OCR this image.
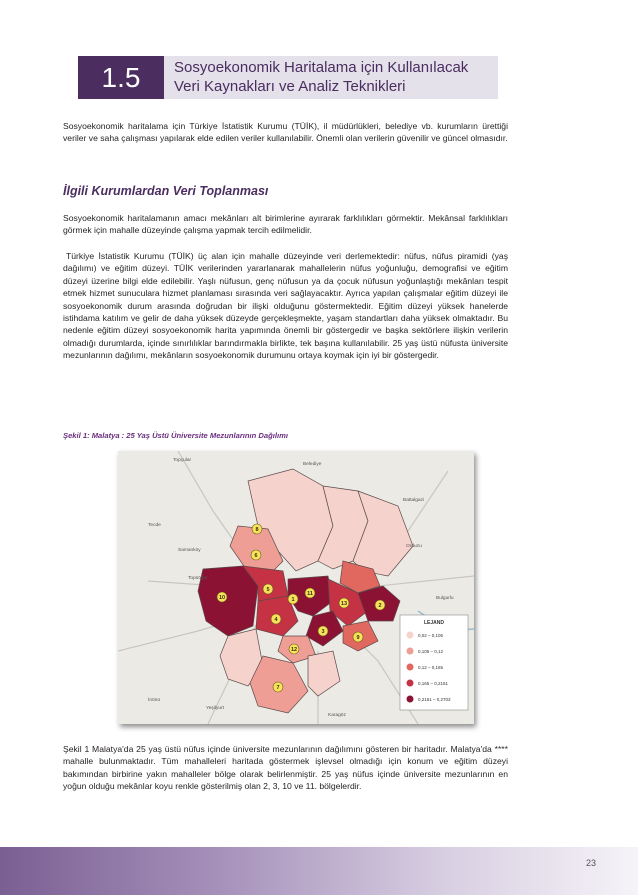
1.5	Sosyoekonomik Haritalama için Kullanılacak
Veri Kaynakları ve Analiz Teknikleri

Sosyoekonomik haritalama için Türkiye İstatistik Kurumu (TÜİK), il müdürlükleri, belediye vb. kurumların ürettiği veriler ve saha çalışması yapılarak elde edilen veriler kullanılabilir. Önemli olan verilerin güvenilir ve güncel olmasıdır.

İlgili Kurumlardan Veri Toplanması

Sosyoekonomik haritalamanın amacı mekânları alt birimlerine ayırarak farklılıkları görmektir. Mekânsal farklılıkları görmek için mahalle düzeyinde çalışma yapmak tercih edilmelidir.

Türkiye İstatistik Kurumu (TÜİK) üç alan için mahalle düzeyinde veri derlemektedir: nüfus, nüfus piramidi (yaş dağılımı) ve eğitim düzeyi. TÜİK verilerinden yararlanarak mahallelerin nüfus yoğunluğu, demografisi ve eğitim düzeyi üzerine bilgi elde edilebilir. Yaşlı nüfusun, genç nüfusun ya da çocuk nüfusun yoğunlaştığı mekânları tespit etmek hizmet sunuculara hizmet planlaması sırasında veri sağlayacaktır. Ayrıca yapılan çalışmalar eğitim düzeyi ile sosyoekonomik durum arasında doğrudan bir ilişki olduğunu göstermektedir. Eğitim düzeyi yüksek hanelerde istihdama katılım ve gelir de daha yüksek düzeyde gerçekleşmekte, yaşam standartları daha yüksek olmaktadır. Bu nedenle eğitim düzeyi sosyoekonomik harita yapımında önemli bir göstergedir ve başka sektörlere ilişkin verilerin olmadığı durumlarda, içinde sınırlılıklar barındırmakla birlikte, tek başına kullanılabilir. 25 yaş üstü nüfusta üniversite mezunlarının dağılımı, mekânların sosyoekonomik durumunu ortaya koymak için iyi bir göstergedir.

Şekil 1: Malatya : 25 Yaş Üstü Üniversite Mezunlarının Dağılımı

8
6
10
5
4
1
11
13	2
3
12
9
7
Topçular
Belediye
Battalgazi
Tecde
Samanköy
Topsöğüt
Orduzu
Bulgurlu
Yeşilyurt
İnönü
Karagöz
LEJAND
0,02 – 0,105
0,105 – 0,12
0,12 – 0,165
0,165 – 0,2151
0,2151 – 0,2703

Şekil 1 Malatya'da 25 yaş üstü nüfus içinde üniversite mezunlarının dağılımını gösteren bir haritadır. Malatya'da **** mahalle bulunmaktadır. Tüm mahalleleri haritada göstermek işlevsel olmadığı için konum ve eğitim düzeyi bakımından birbirine yakın mahalleler bölge olarak belirlenmiştir. 25 yaş nüfus içinde üniversite mezunlarının en yoğun olduğu mekânlar koyu renkle gösterilmiş olan 2, 3, 10 ve 11. bölgelerdir.

23
